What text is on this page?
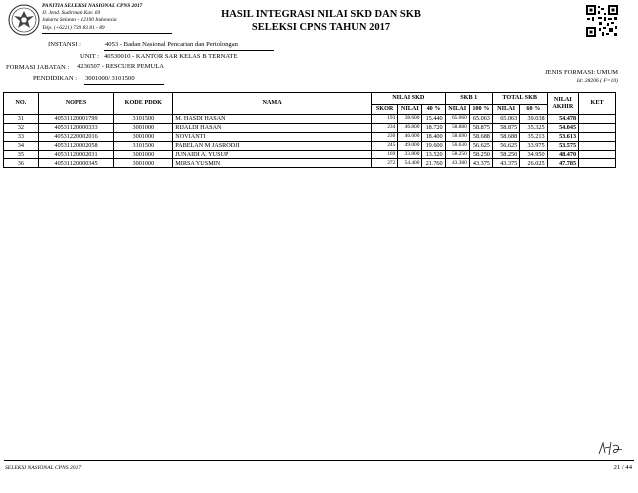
PANITIA SELEKSI NASIONAL CPNS 2017
Jl. Jend. Sudirman Kav. 69
Jakarta Selatan - 12190 Indonesia
Telp. (+6221) 739 83 81 - 89
HASIL INTEGRASI NILAI SKD DAN SKB
SELEKSI CPNS TAHUN 2017
INSTANSI :	4053 - Badan Nasional Pencarian dan Pertolongan
UNIT : 40530010 - KANTOR SAR KELAS B TERNATE
FORMASI JABATAN : 4236507 - RESCUER PEMULA
PENDIDIKAN : 3001000/ 3101500
JENIS FORMASI: UMUM
Id: 28206 ( F=10)
NO.	NOPES	KODE PDDK	NAMA	NILAI SKD			SKB 1		TOTAL SKB		NILAI AKHIR	KET
				SKOR	NILAI	40 %	NILAI	100 %	NILAI	60 %		
31	40531120001799	3101500	M. HASDI HASAN	193	38.600	15.440	65.060	65.063	65.063	39.038	54.478	
32	40531120000333	3001000	RIJALDI HASAN	234	46.800	18.720	58.880	58.875	58.875	35.325	54.045	
33	40531220002016	3001000	NOVIANTI	230	46.000	18.400	58.690	58.688	58.688	35.213	53.613	
34	40531120002058	3101500	PABELAN M JASRODJI	245	49.000	19.600	56.630	56.625	56.625	33.975	53.575	
35	40531120002031	3001000	JUNAIDI A. YUSUP	169	33.800	13.520	58.250	58.250	58.250	34.950	48.470	
36	40531120000345	3001000	MIRSA YUSMIN	272	54.400	21.760	43.380	43.375	43.375	26.025	47.785	
SELEKSI NASIONAL CPNS 2017	21 / 44
